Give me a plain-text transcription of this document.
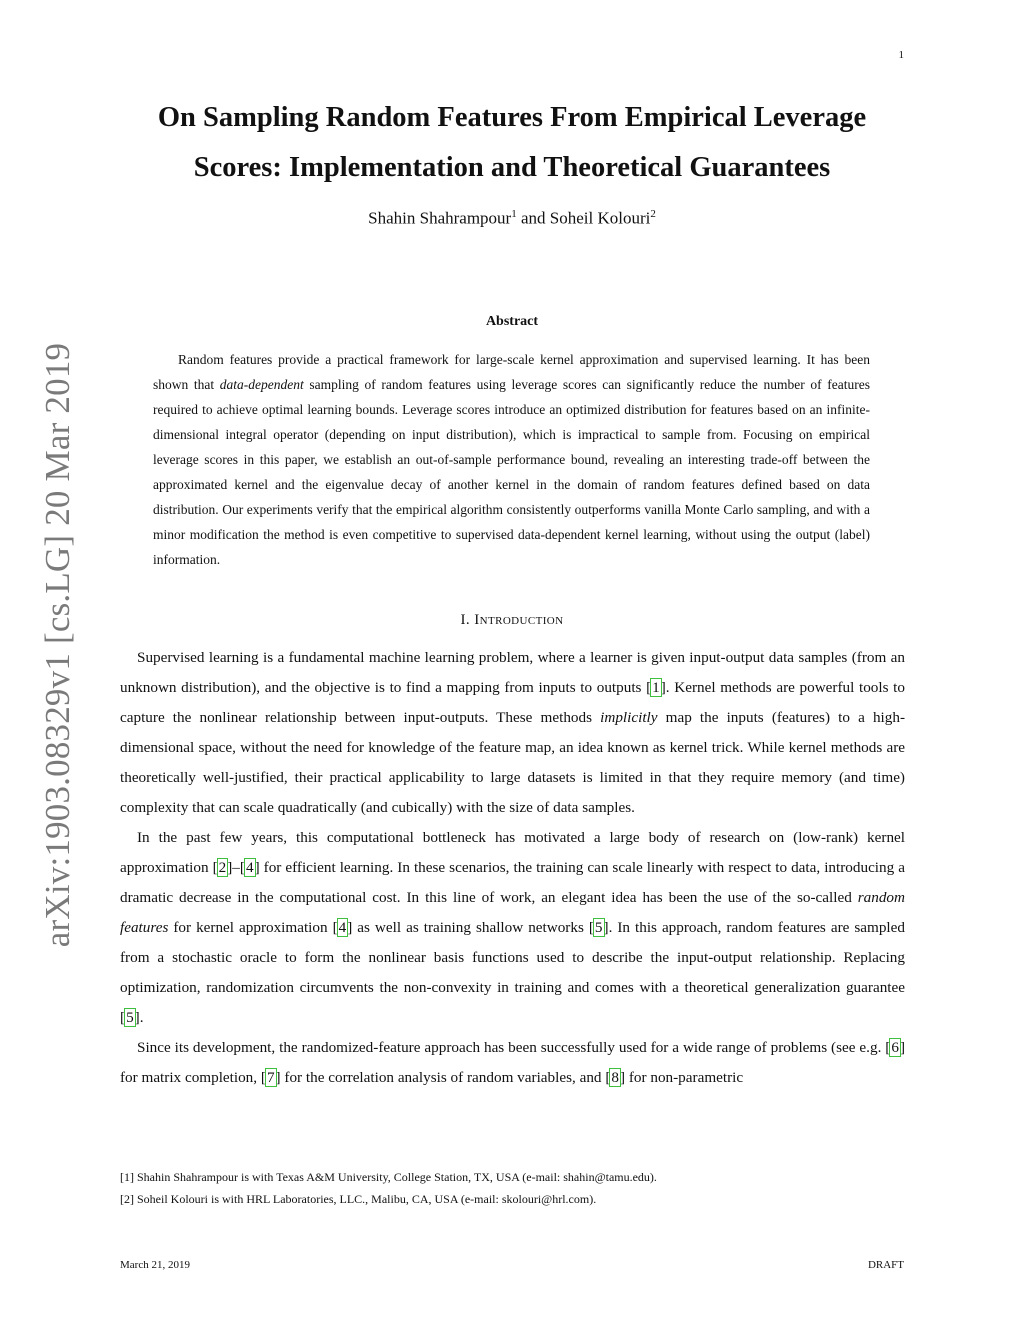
1
arXiv:1903.08329v1 [cs.LG] 20 Mar 2019
On Sampling Random Features From Empirical Leverage
Scores: Implementation and Theoretical Guarantees
Shahin Shahrampour$^1$ and Soheil Kolouri$^2$
Abstract

Random features provide a practical framework for large-scale kernel approximation and supervised learning. It has been shown that data-dependent sampling of random features using leverage scores can significantly reduce the number of features required to achieve optimal learning bounds. Leverage scores introduce an optimized distribution for features based on an infinite-dimensional integral operator (depending on input distribution), which is impractical to sample from. Focusing on empirical leverage scores in this paper, we establish an out-of-sample performance bound, revealing an interesting trade-off between the approximated kernel and the eigenvalue decay of another kernel in the domain of random features defined based on data distribution. Our experiments verify that the empirical algorithm consistently outperforms vanilla Monte Carlo sampling, and with a minor modification the method is even competitive to supervised data-dependent kernel learning, without using the output (label) information.

I. Introduction

Supervised learning is a fundamental machine learning problem, where a learner is given input-output data samples (from an unknown distribution), and the objective is to find a mapping from inputs to outputs [1]. Kernel methods are powerful tools to capture the nonlinear relationship between input-outputs. These methods implicitly map the inputs (features) to a high-dimensional space, without the need for knowledge of the feature map, an idea known as kernel trick. While kernel methods are theoretically well-justified, their practical applicability to large datasets is limited in that they require memory (and time) complexity that can scale quadratically (and cubically) with the size of data samples.

In the past few years, this computational bottleneck has motivated a large body of research on (low-rank) kernel approximation [2]–[4] for efficient learning. In these scenarios, the training can scale linearly with respect to data, introducing a dramatic decrease in the computational cost. In this line of work, an elegant idea has been the use of the so-called random features for kernel approximation [4] as well as training shallow networks [5]. In this approach, random features are sampled from a stochastic oracle to form the nonlinear basis functions used to describe the input-output relationship. Replacing optimization, randomization circumvents the non-convexity in training and comes with a theoretical generalization guarantee [5].

Since its development, the randomized-feature approach has been successfully used for a wide range of problems (see e.g. [6] for matrix completion, [7] for the correlation analysis of random variables, and [8] for non-parametric

[1] Shahin Shahrampour is with Texas A&M University, College Station, TX, USA (e-mail: shahin@tamu.edu).
[2] Soheil Kolouri is with HRL Laboratories, LLC., Malibu, CA, USA (e-mail: skolouri@hrl.com).
March 21, 2019	DRAFT
